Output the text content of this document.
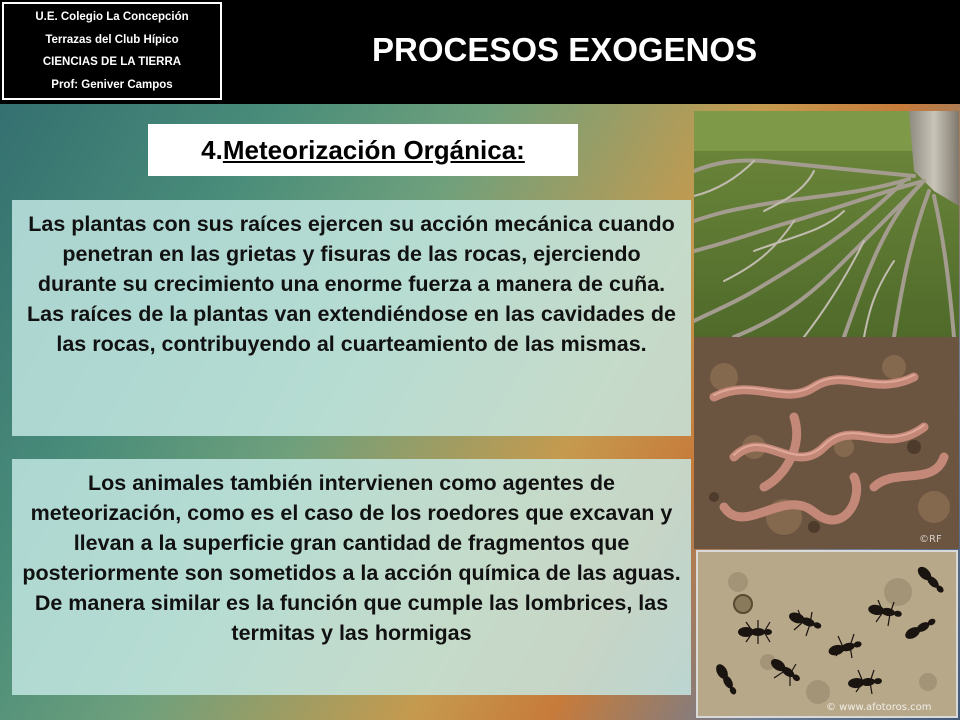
U.E. Colegio La Concepción
Terrazas del Club Hípico
CIENCIAS DE LA TIERRA
Prof: Geniver Campos
PROCESOS EXOGENOS
4. Meteorización Orgánica:
Las plantas con sus raíces ejercen su acción mecánica cuando penetran en las grietas y fisuras de las rocas, ejerciendo durante su crecimiento una enorme fuerza a manera de cuña. Las raíces de la plantas van extendiéndose en las cavidades de las rocas, contribuyendo al cuarteamiento de las mismas.
Los animales también intervienen como agentes de meteorización, como es el caso de los roedores que excavan y llevan a la superficie gran cantidad de fragmentos que posteriormente son sometidos a la acción química de las aguas. De manera similar es la función que cumple las lombrices, las termitas y las hormigas
©RF
© www.afotoros.com
